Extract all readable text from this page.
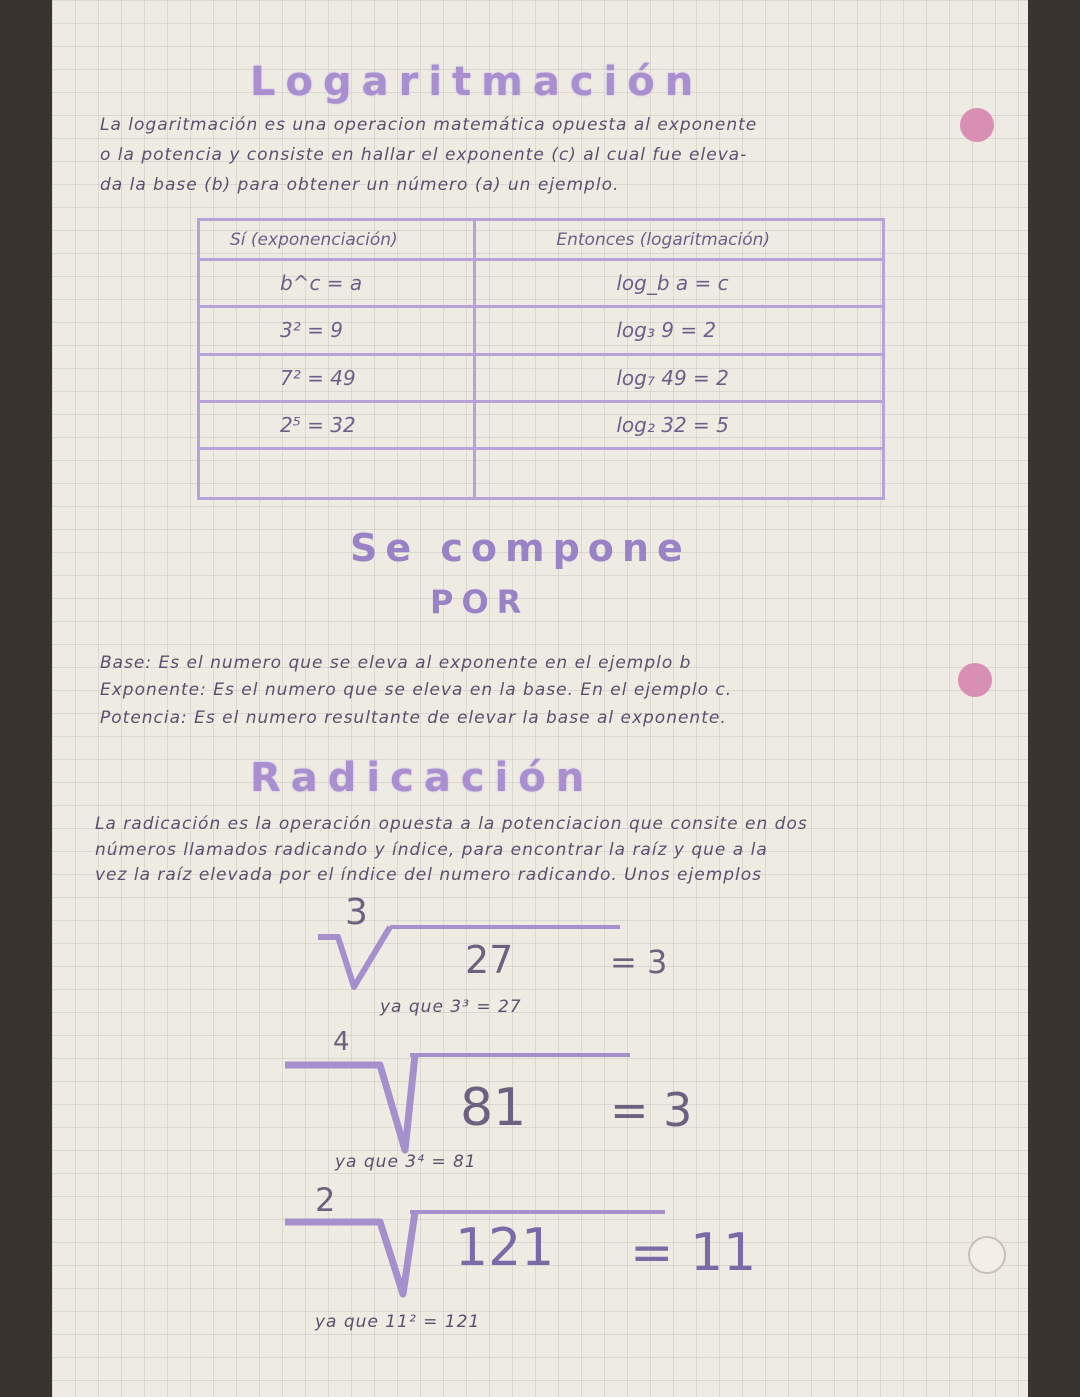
Logaritmación
La logaritmación es una operacion matemática opuesta al exponente
o la potencia y consiste en hallar el exponente (c) al cual fue eleva-
da la base (b) para obtener un número (a) un ejemplo.
Sí (exponenciación)	Entonces (logaritmación)
b^c = a	log_b a = c
3² = 9	log₃ 9 = 2
7² = 49	log₇ 49 = 2
2⁵ = 32	log₂ 32 = 5

Se compone
POR
Base: Es el numero que se eleva al exponente en el ejemplo b
Exponente: Es el numero que se eleva en la base. En el ejemplo c.
Potencia: Es el numero resultante de elevar la base al exponente.
Radicación
La radicación es la operación opuesta a la potenciacion que consite en dos
números llamados radicando y índice, para encontrar la raíz y que a la
vez la raíz elevada por el índice del numero radicando. Unos ejemplos
3
27	= 3
ya que 3³ = 27
4
81 = 3
ya que 3⁴ = 81
2
121 = 11
ya que 11² = 121
